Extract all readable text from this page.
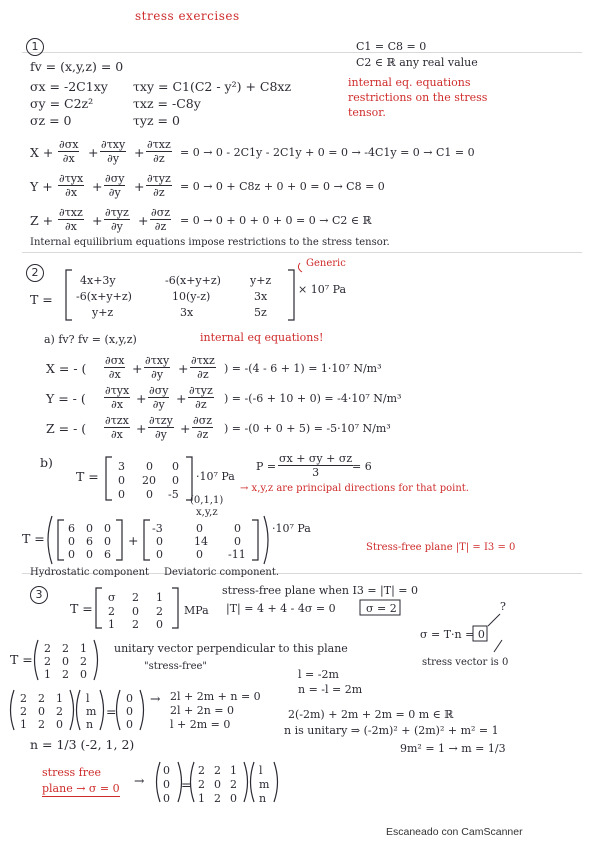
stress exercises
1
fv = (x,y,z) = 0
C1 = C8 = 0
C2 ∈ ℝ any real value
σx = -2C1xy
σy = C2z²
σz = 0
τxy = C1(C2 - y²) + C8xz
τxz = -C8y
τyz = 0
internal eq. equations
restrictions on the stress
tensor.
$X + \frac{\partial\sigma x}{\partial x}$ +
∂τxy
∂y	+
∂τxz
∂z	= 0 → 0 - 2C1y - 2C1y + 0 = 0 → -4C1y = 0 → C1 = 0
Y +
∂τyx
∂x	+ $\frac{\partial\sigma y}{\partial y}$ +
∂τyz
∂z	= 0 → 0 + C8z + 0 + 0 = 0 → C8 = 0
Z +
∂τxz
∂x	+
∂τyz
∂y	+ $\frac{\partial\sigma z}{\partial z} = 0 \to 0 + 0 + 0 + 0 = 0 \to C2$ ∈ ℝ
Internal equilibrium equations impose restrictions to the stress tensor.
2
T =
4x+3y	-6(x+y+z)	y+z
-6(x+y+z)	10(y-z)	3x
y+z	3x	5z
× 10⁷ Pa
Generic
a) fv? fv = (x,y,z)	internal eq equations!
X = - ( $\frac{\partial\sigma x}{\partial x}$ +
∂τxy
∂y	+
∂τxz
∂z	) = -(4 - 6 + 1) = 1·10⁷ N/m³
Y = - (
∂τyx
∂x	+ $\frac{\partial\sigma y}{\partial y}$ +
∂τyz
∂z	) = -(-6 + 10 + 0) = -4·10⁷ N/m³
Z = - (
∂τzx
∂x	+
∂τzy
∂y	+ $\frac{\partial\sigma z}{\partial z}$ ) = -(0 + 0 + 5) = -5·10⁷ N/m³
b)
T =
3 0 0
0 20 0
0 0 -5
·10⁷ Pa
(0,1,1)
x,y,z
$P = \frac{\sigma x + \sigma y + \sigma z}{3}$
= 6
→ x,y,z are principal directions for that point.
T =
6 0 0
0 6 0
0 0 6
+
-3	0	0
0	14 0
0	0 -11
·10⁷ Pa
Hydrostatic component Deviatoric component.
Stress-free plane |T| = I3 = 0
3
T =
σ 2 1
2 0 2
1 2 0
MPa
stress-free plane when I3 = |T| = 0
|T| = 4 + 4 - 4σ = 0	σ = 2
T =
2 2 1
2 0 2
1 2 0
unitary vector perpendicular to this plane
"stress-free"
σ = T·n = 0
?
stress vector is 0
2 2 1
2 0 2
1 2 0
l
m
n
=
0
0
0
→ 2l + 2m + n = 0
2l + 2n = 0
l + 2m = 0
l = -2m
n = -l = 2m
2(-2m) + 2m + 2m = 0 m ∈ ℝ
n is unitary ⇒ (-2m)² + (2m)² + m² = 1
9m² = 1 → m = 1/3
n = 1/3 (-2, 1, 2)
stress free
plane → σ = 0
→
0
0
0
=
2 2 1
2 0 2
1 2 0
l
m
n
Escaneado con CamScanner
